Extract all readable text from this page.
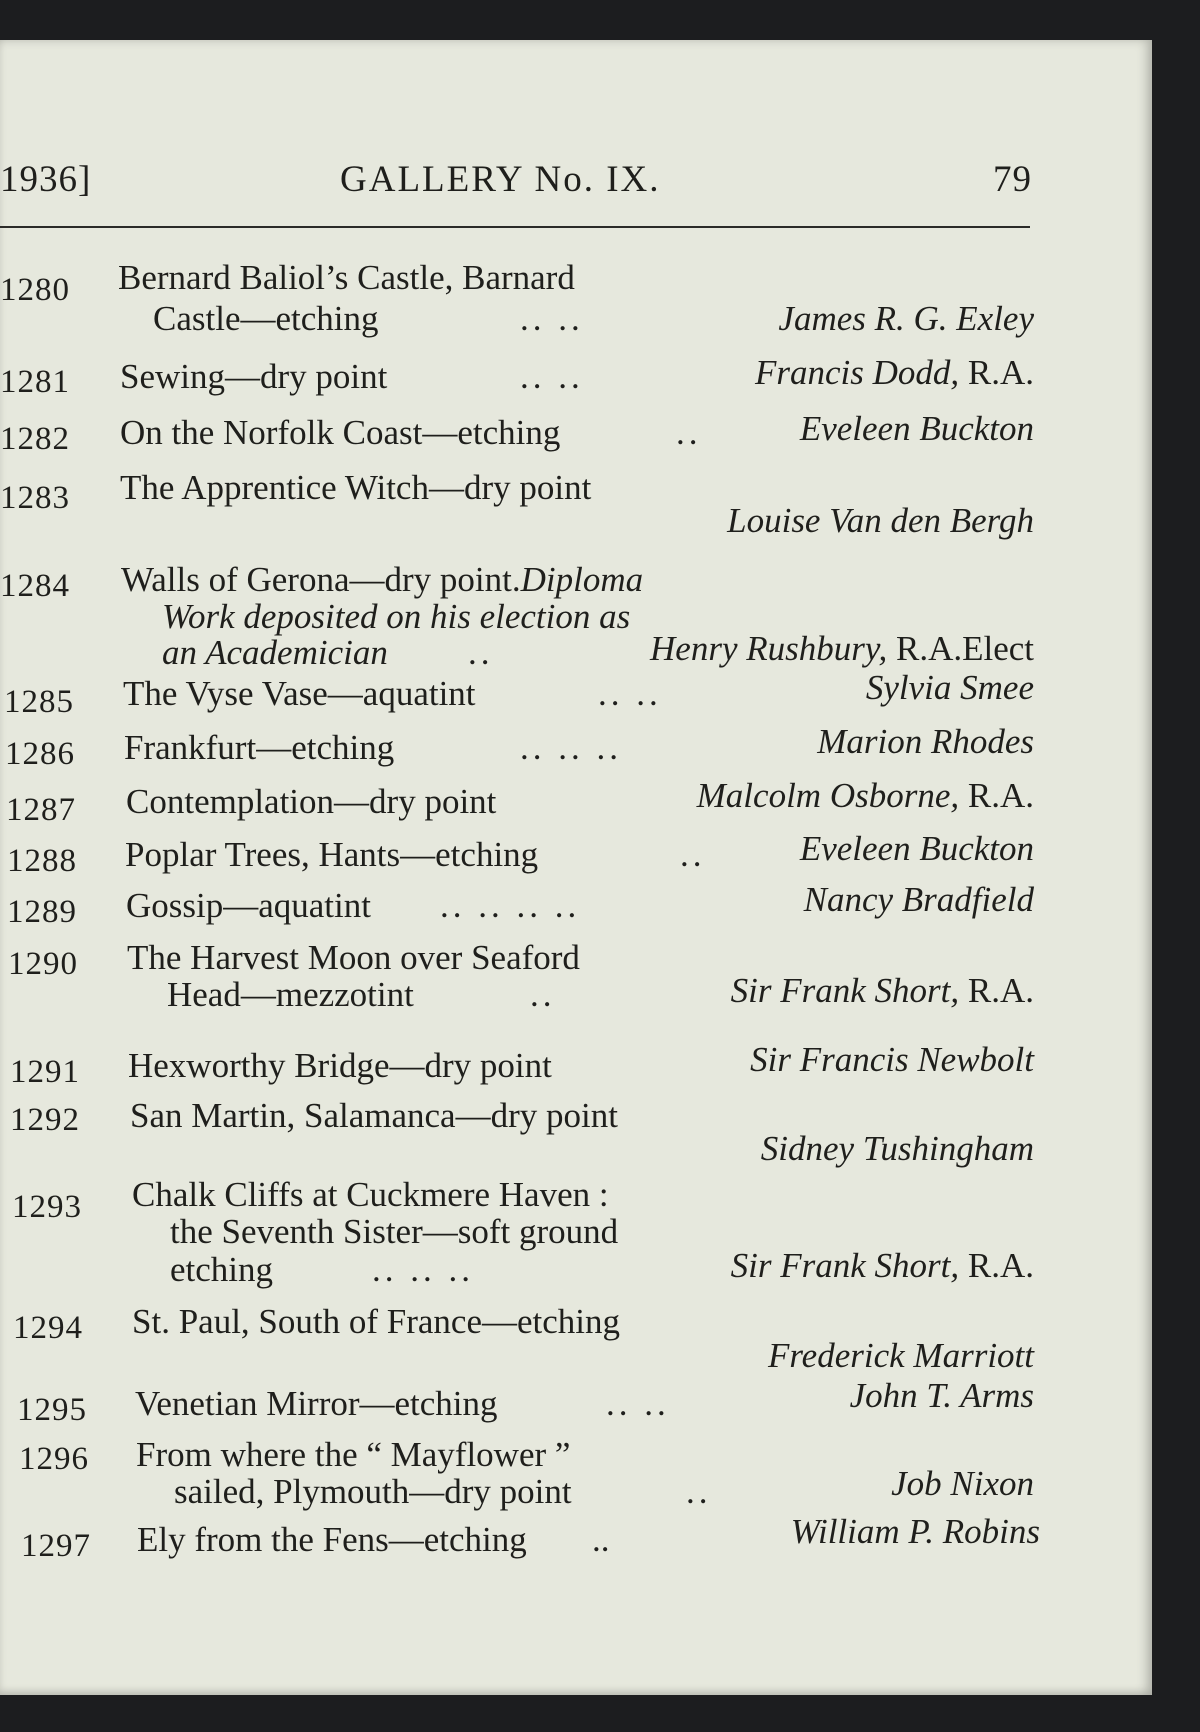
1936]	GALLERY No. IX.	79
1280 Bernard Baliol’s Castle, Barnard
Castle—etching	.. ..	James R. G. Exley
1281 Sewing—dry point	.. ..	Francis Dodd, R.A.
1282 On the Norfolk Coast—etching	..	Eveleen Buckton
1283 The Apprentice Witch—dry point
Louise Van den Bergh
1284 Walls of Gerona—dry point.Diploma
Work deposited on his election as
an Academician ..	Henry Rushbury, R.A.Elect
1285 The Vyse Vase—aquatint	.. ..	Sylvia Smee
1286 Frankfurt—etching	.. .. ..	Marion Rhodes
1287 Contemplation—dry point	Malcolm Osborne, R.A.
1288 Poplar Trees, Hants—etching	..	Eveleen Buckton
1289 Gossip—aquatint .. .. .. ..	Nancy Bradfield
1290 The Harvest Moon over Seaford
Head—mezzotint	..	Sir Frank Short, R.A.
1291 Hexworthy Bridge—dry point	Sir Francis Newbolt
1292 San Martin, Salamanca—dry point
Sidney Tushingham
1293 Chalk Cliffs at Cuckmere Haven :
the Seventh Sister—soft ground
etching	.. .. ..	Sir Frank Short, R.A.
1294 St. Paul, South of France—etching
Frederick Marriott
1295 Venetian Mirror—etching	.. ..	John T. Arms
1296 From where the “ Mayflower ”
sailed, Plymouth—dry point	..	Job Nixon
1297 Ely from the Fens—etching ..	William P. Robins
